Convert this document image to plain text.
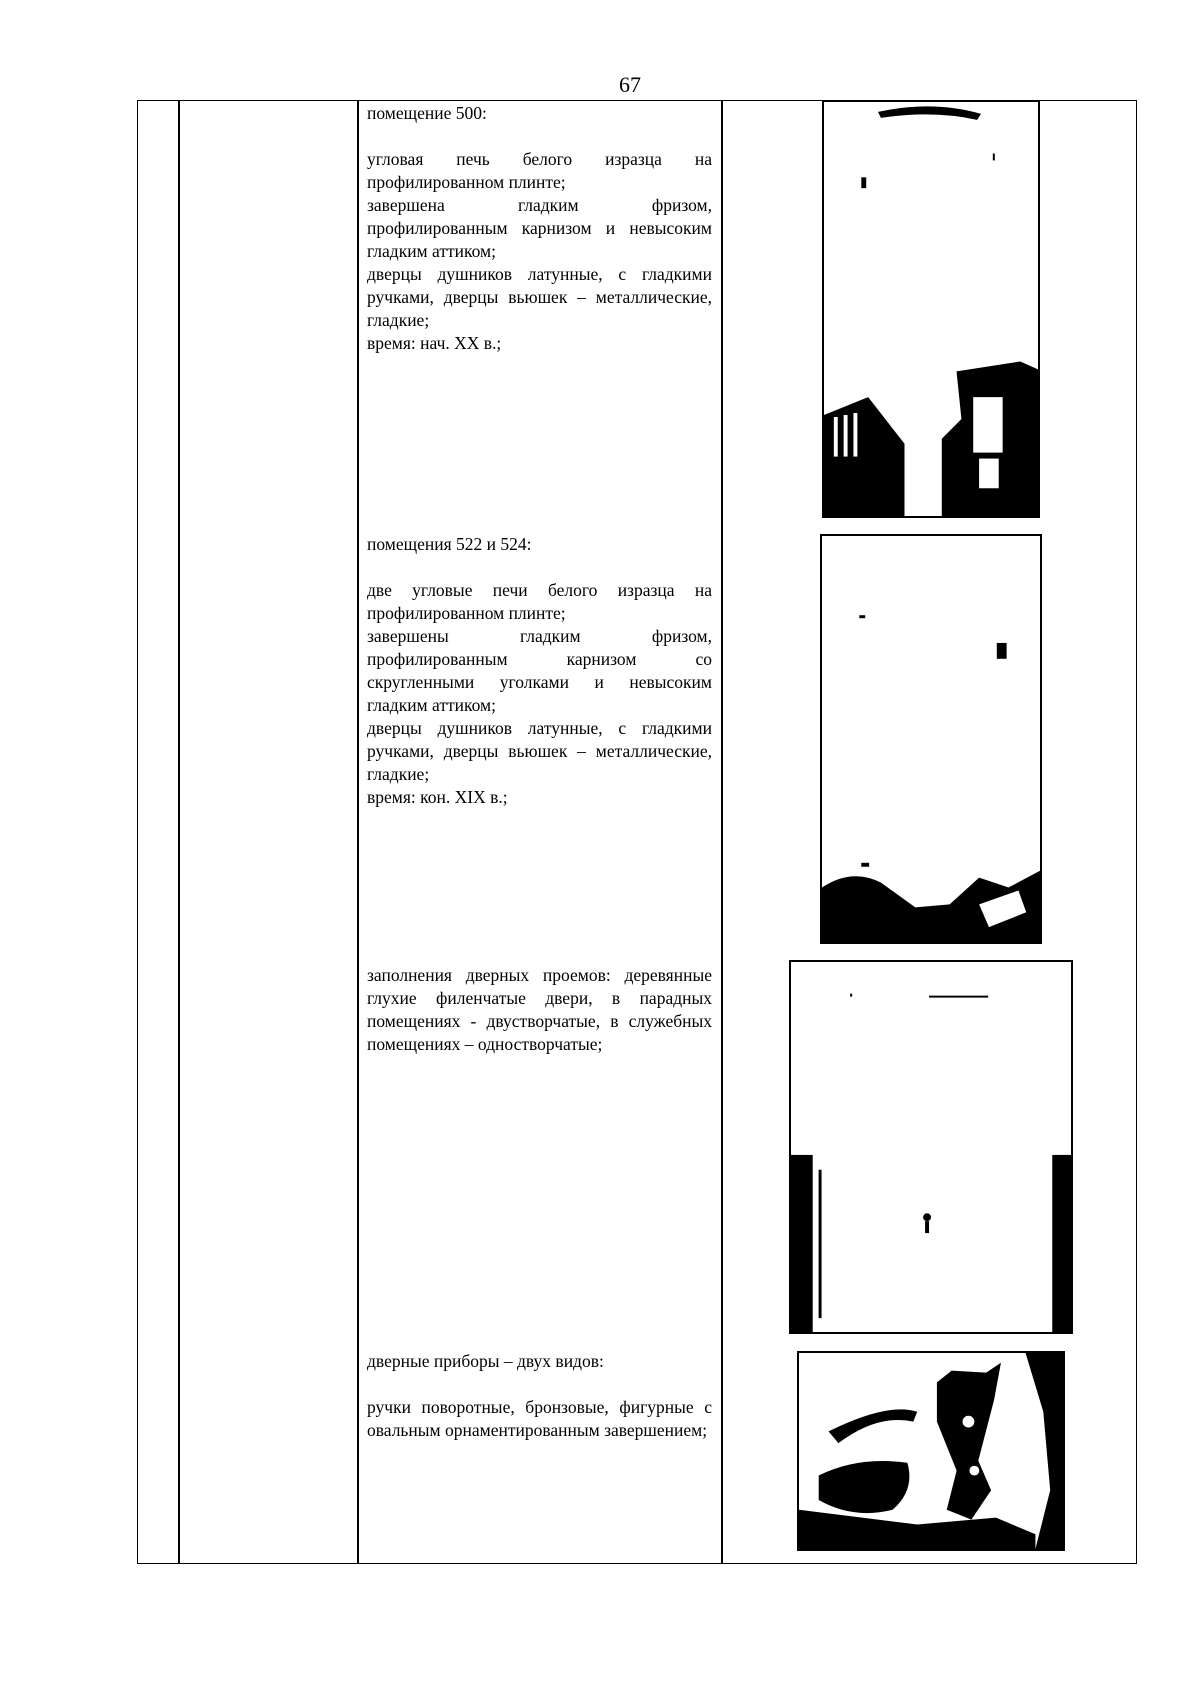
67

помещение 500:

угловая печь белого изразца на профилированном плинте;

завершена гладким фризом, профилированным карнизом и невысоким гладким аттиком;

дверцы душников латунные, с гладкими ручками, дверцы вьюшек – металлические, гладкие;

время: нач. XX в.;

помещения 522 и 524:

две угловые печи белого изразца на профилированном плинте;

завершены гладким фризом, профилированным карнизом со скругленными уголками и невысоким гладким аттиком;

дверцы душников латунные, с гладкими ручками, дверцы вьюшек – металлические, гладкие;

время: кон. XIX в.;

заполнения дверных проемов: деревянные глухие филенчатые двери, в парадных помещениях - двустворчатые, в служебных помещениях – одностворчатые;

дверные приборы – двух видов:

ручки поворотные, бронзовые, фигурные с овальным орнаментированным завершением;
